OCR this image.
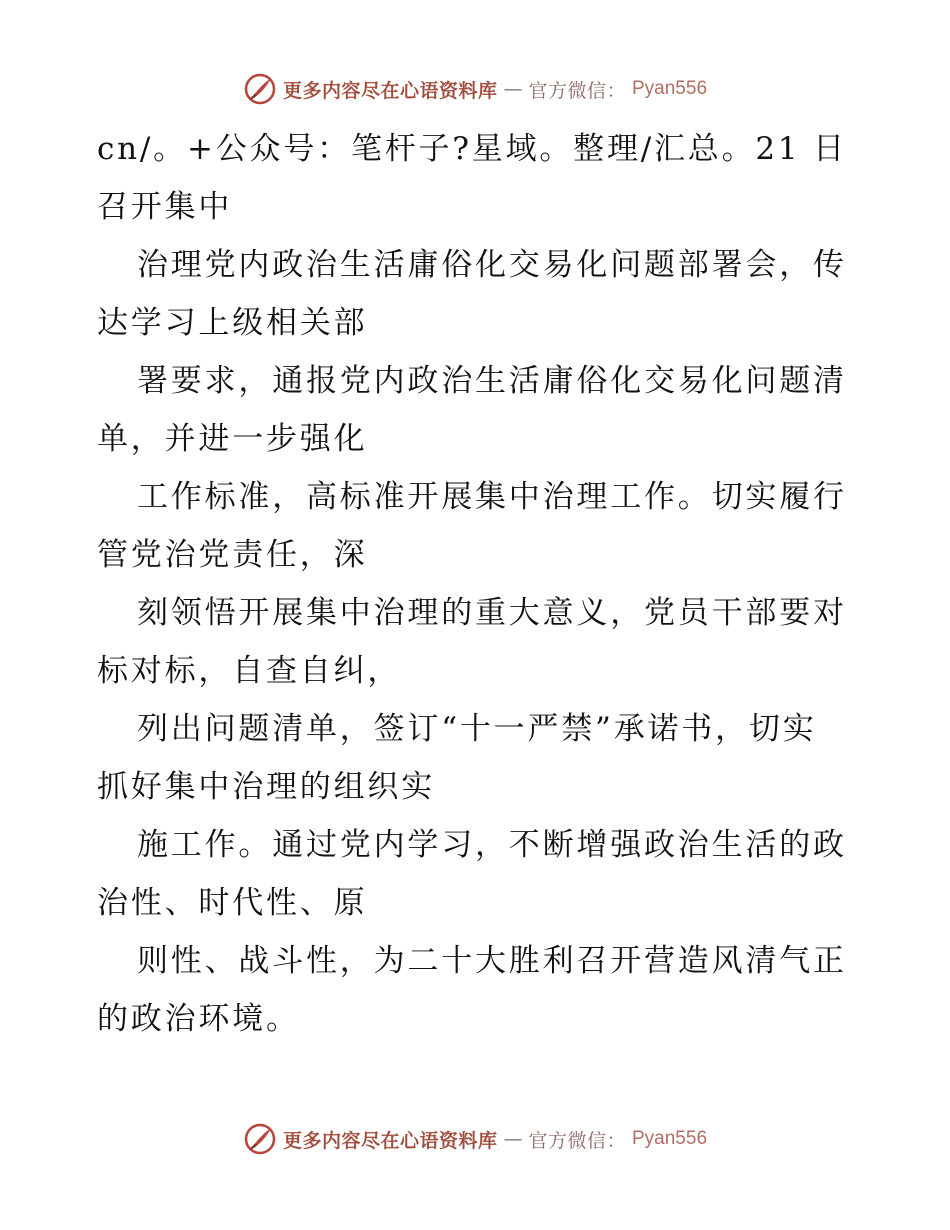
更多内容尽在心语资料库 — 官方微信： Pyan556
cn/。+公众号：笔杆子?星域。整理/汇总。21 日
召开集中
治理党内政治生活庸俗化交易化问题部署会，传
达学习上级相关部
署要求，通报党内政治生活庸俗化交易化问题清
单，并进一步强化
工作标准，高标准开展集中治理工作。切实履行
管党治党责任，深
刻领悟开展集中治理的重大意义，党员干部要对
标对标，自查自纠，
列出问题清单，签订“十一严禁”承诺书，切实
抓好集中治理的组织实
施工作。通过党内学习，不断增强政治生活的政
治性、时代性、原
则性、战斗性，为二十大胜利召开营造风清气正
的政治环境。
更多内容尽在心语资料库 — 官方微信： Pyan556
